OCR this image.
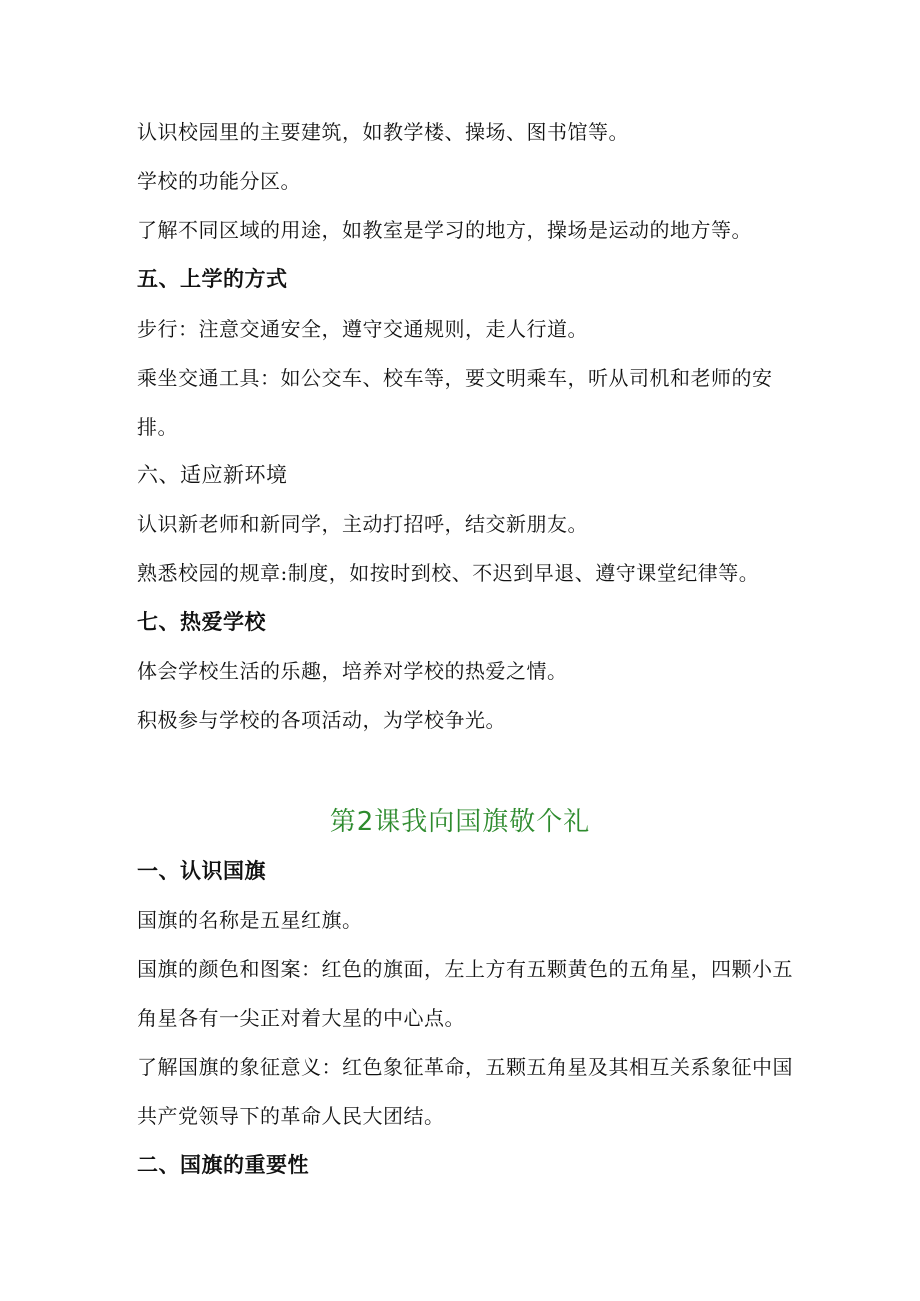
认识校园里的主要建筑，如教学楼、操场、图书馆等。
学校的功能分区。
了解不同区域的用途，如教室是学习的地方，操场是运动的地方等。
五、上学的方式
步行：注意交通安全，遵守交通规则，走人行道。
乘坐交通工具：如公交车、校车等，要文明乘车，听从司机和老师的安
排。
六、适应新环境
认识新老师和新同学，主动打招呼，结交新朋友。
熟悉校园的规章:制度，如按时到校、不迟到早退、遵守课堂纪律等。
七、热爱学校
体会学校生活的乐趣，培养对学校的热爱之情。
积极参与学校的各项活动，为学校争光。
第2课我向国旗敬个礼
一、认识国旗
国旗的名称是五星红旗。
国旗的颜色和图案：红色的旗面，左上方有五颗黄色的五角星，四颗小五
角星各有一尖正对着大星的中心点。
了解国旗的象征意义：红色象征革命，五颗五角星及其相互关系象征中国
共产党领导下的革命人民大团结。
二、国旗的重要性
